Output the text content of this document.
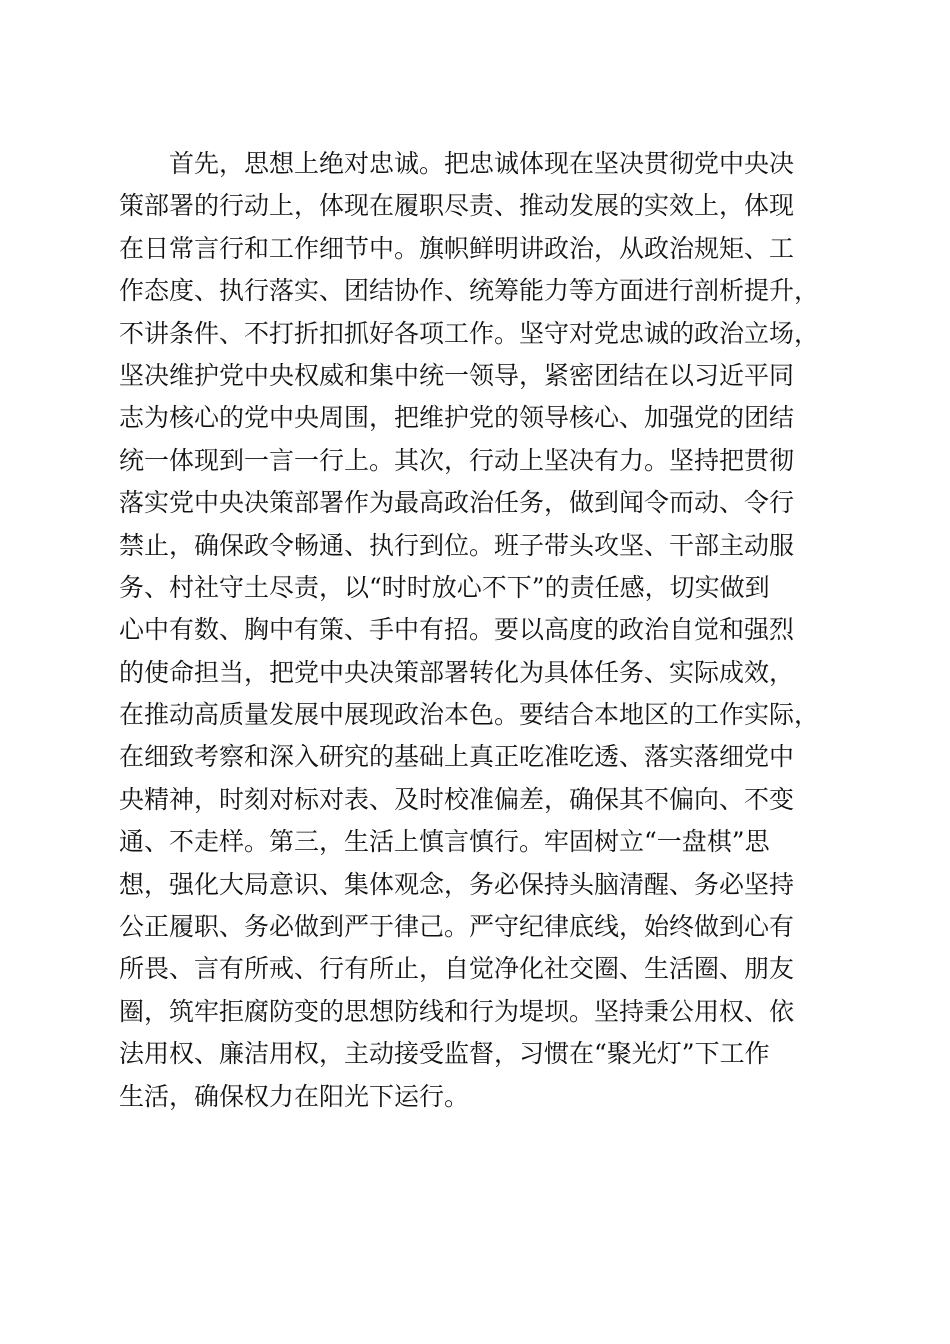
　　首先，思想上绝对忠诚。把忠诚体现在坚决贯彻党中央决
策部署的行动上，体现在履职尽责、推动发展的实效上，体现
在日常言行和工作细节中。旗帜鲜明讲政治，从政治规矩、工
作态度、执行落实、团结协作、统筹能力等方面进行剖析提升，
不讲条件、不打折扣抓好各项工作。坚守对党忠诚的政治立场，
坚决维护党中央权威和集中统一领导，紧密团结在以习近平同
志为核心的党中央周围，把维护党的领导核心、加强党的团结
统一体现到一言一行上。其次，行动上坚决有力。坚持把贯彻
落实党中央决策部署作为最高政治任务，做到闻令而动、令行
禁止，确保政令畅通、执行到位。班子带头攻坚、干部主动服
务、村社守土尽责，以“时时放心不下”的责任感，切实做到
心中有数、胸中有策、手中有招。要以高度的政治自觉和强烈
的使命担当，把党中央决策部署转化为具体任务、实际成效，
在推动高质量发展中展现政治本色。要结合本地区的工作实际，
在细致考察和深入研究的基础上真正吃准吃透、落实落细党中
央精神，时刻对标对表、及时校准偏差，确保其不偏向、不变
通、不走样。第三，生活上慎言慎行。牢固树立“一盘棋”思
想，强化大局意识、集体观念，务必保持头脑清醒、务必坚持
公正履职、务必做到严于律己。严守纪律底线，始终做到心有
所畏、言有所戒、行有所止，自觉净化社交圈、生活圈、朋友
圈，筑牢拒腐防变的思想防线和行为堤坝。坚持秉公用权、依
法用权、廉洁用权，主动接受监督，习惯在“聚光灯”下工作
生活，确保权力在阳光下运行。
